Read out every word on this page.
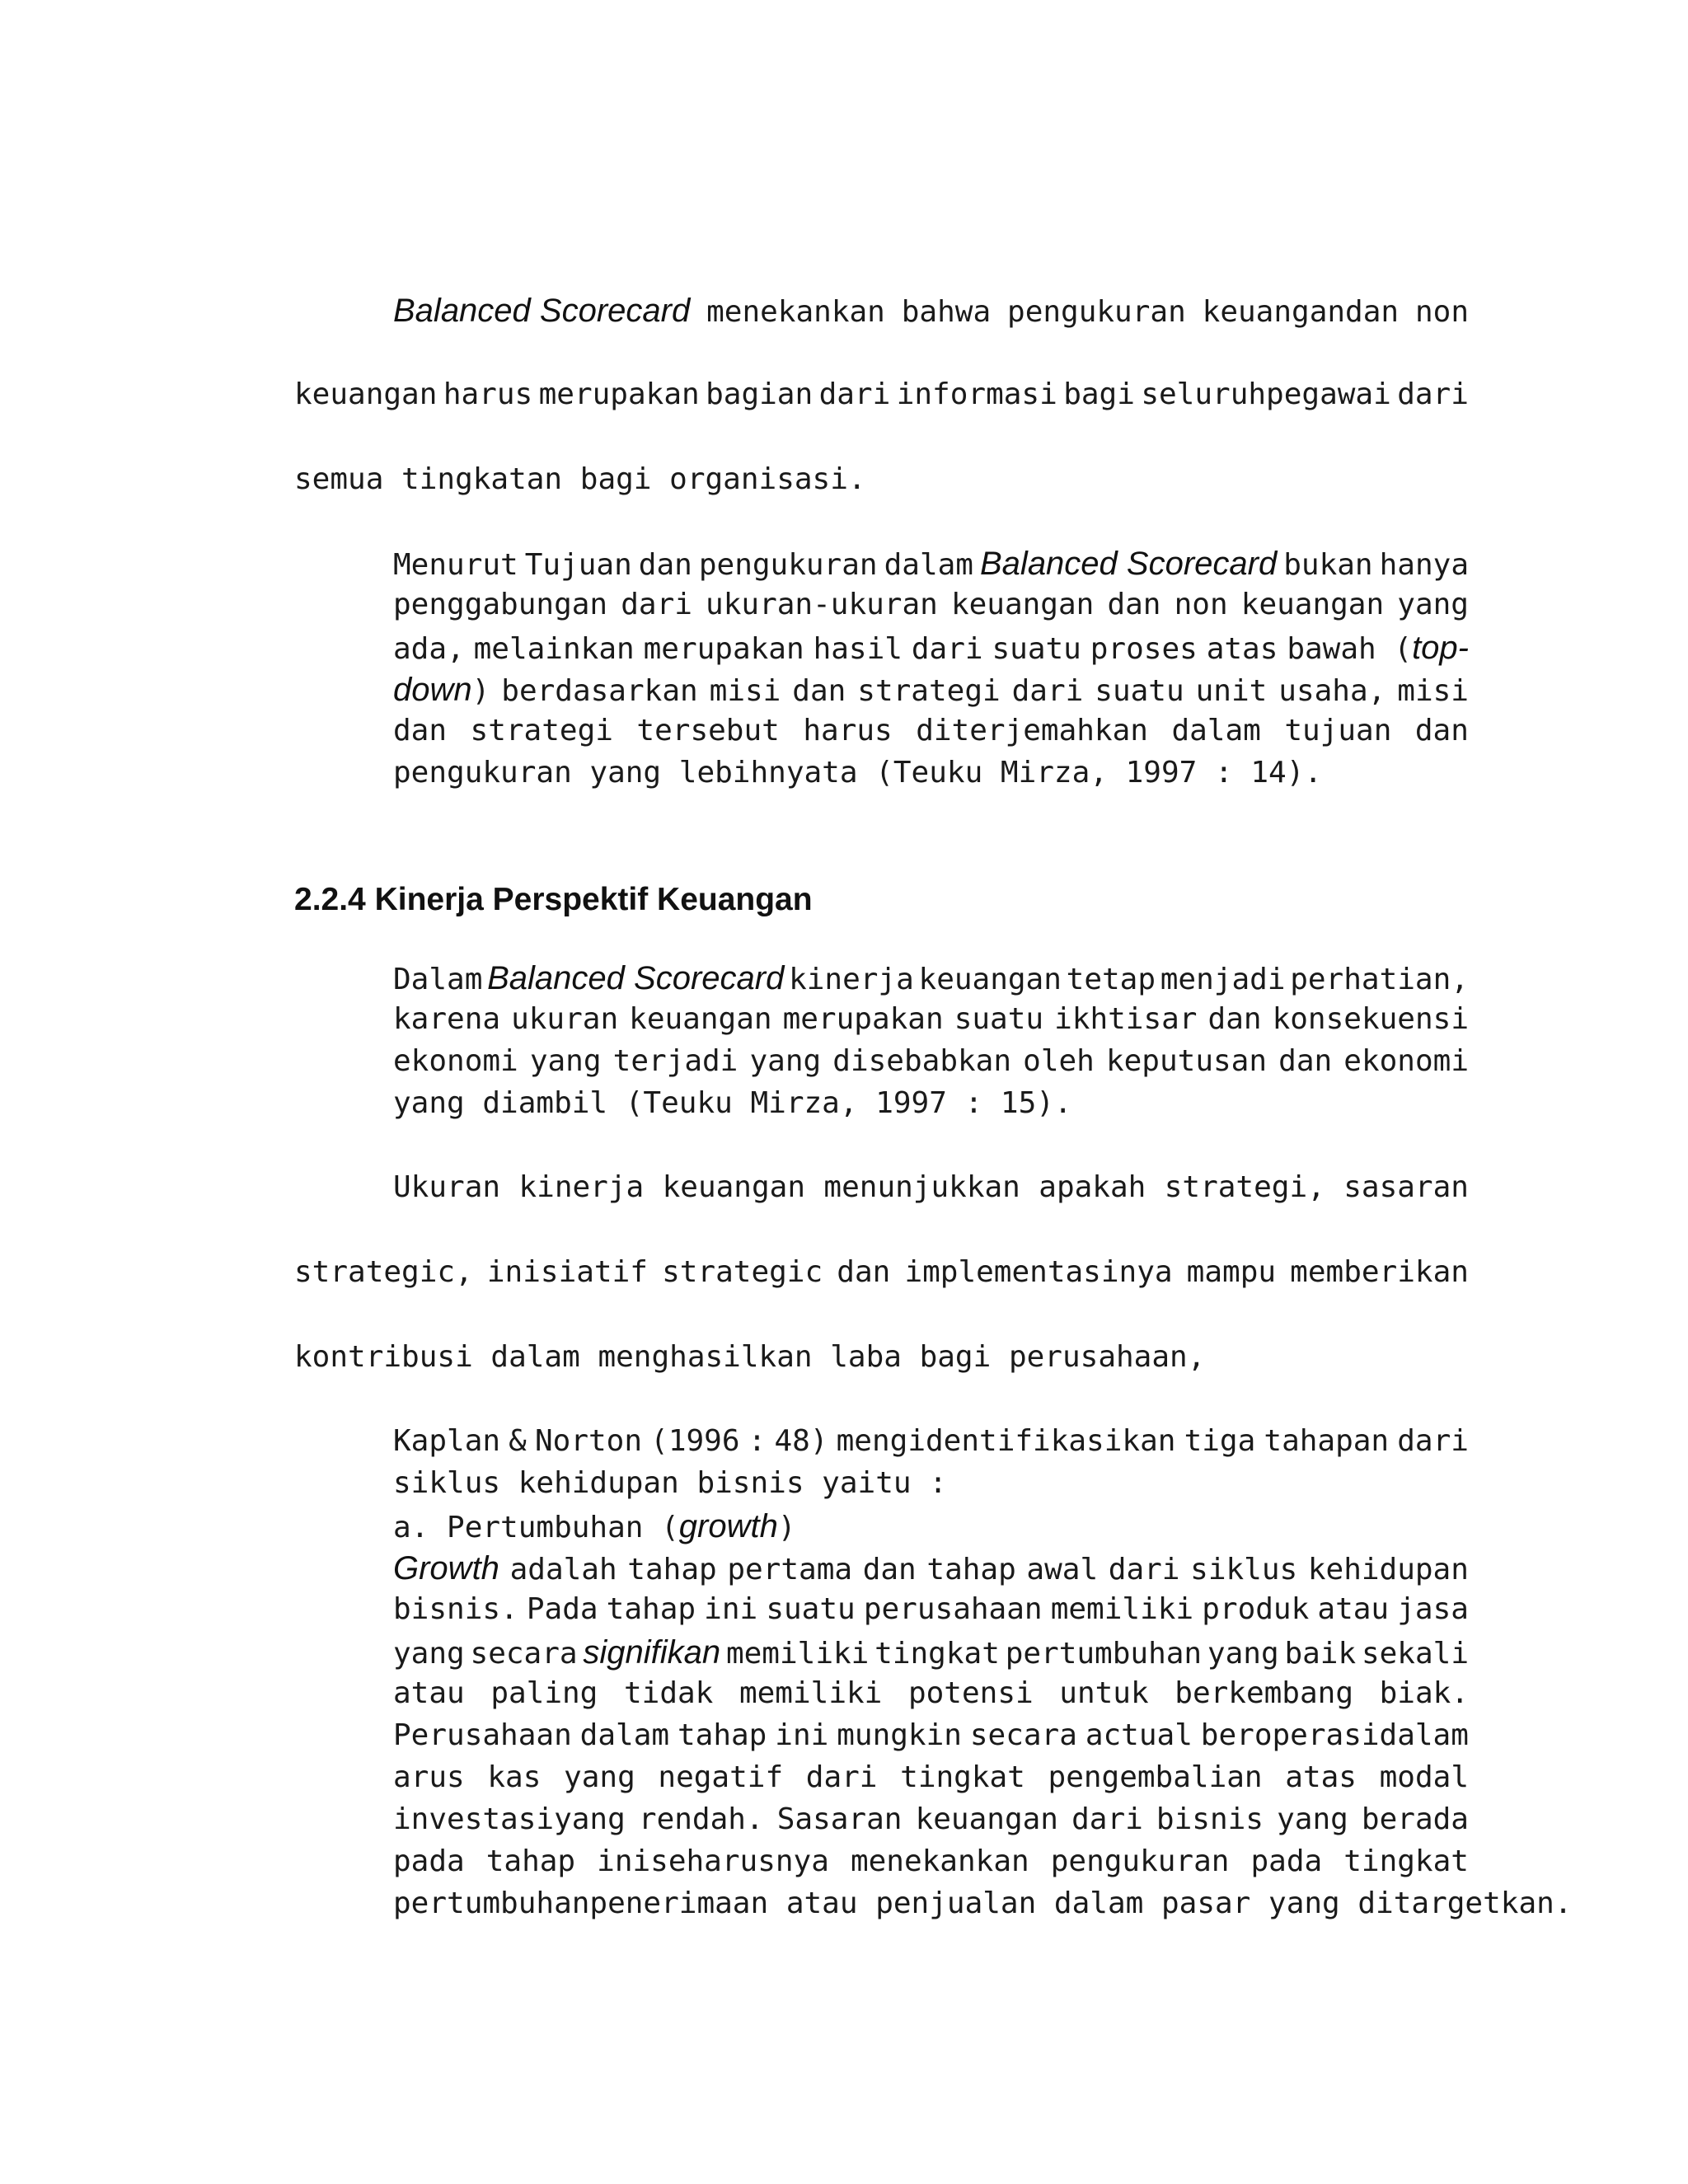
Balanced Scorecard menekankan bahwa pengukuran keuangandan non
keuangan harus merupakan bagian dari informasi bagi seluruhpegawai dari
semua tingkatan bagi organisasi.
Menurut Tujuan dan pengukuran dalam Balanced Scorecard bukan hanya
penggabungan dari ukuran-ukuran keuangan dan non keuangan yang
ada, melainkan merupakan hasil dari suatu proses atas bawah (top-
down) berdasarkan misi dan strategi dari suatu unit usaha, misi
dan strategi tersebut harus diterjemahkan dalam tujuan dan
pengukuran yang lebihnyata (Teuku Mirza, 1997 : 14).
2.2.4 Kinerja Perspektif Keuangan
Dalam Balanced Scorecard kinerja keuangan tetap menjadi perhatian,
karena ukuran keuangan merupakan suatu ikhtisar dan konsekuensi
ekonomi yang terjadi yang disebabkan oleh keputusan dan ekonomi
yang diambil (Teuku Mirza, 1997 : 15).
Ukuran kinerja keuangan menunjukkan apakah strategi, sasaran
strategic, inisiatif strategic dan implementasinya mampu memberikan
kontribusi dalam menghasilkan laba bagi perusahaan,
Kaplan & Norton (1996 : 48) mengidentifikasikan tiga tahapan dari
siklus kehidupan bisnis yaitu :
a. Pertumbuhan (growth)
Growth adalah tahap pertama dan tahap awal dari siklus kehidupan
bisnis. Pada tahap ini suatu perusahaan memiliki produk atau jasa
yang secara signifikan memiliki tingkat pertumbuhan yang baik sekali
atau paling tidak memiliki potensi untuk berkembang biak.
Perusahaan dalam tahap ini mungkin secara actual beroperasidalam
arus kas yang negatif dari tingkat pengembalian atas modal
investasiyang rendah. Sasaran keuangan dari bisnis yang berada
pada tahap iniseharusnya menekankan pengukuran pada tingkat
pertumbuhanpenerimaan atau penjualan dalam pasar yang ditargetkan.
